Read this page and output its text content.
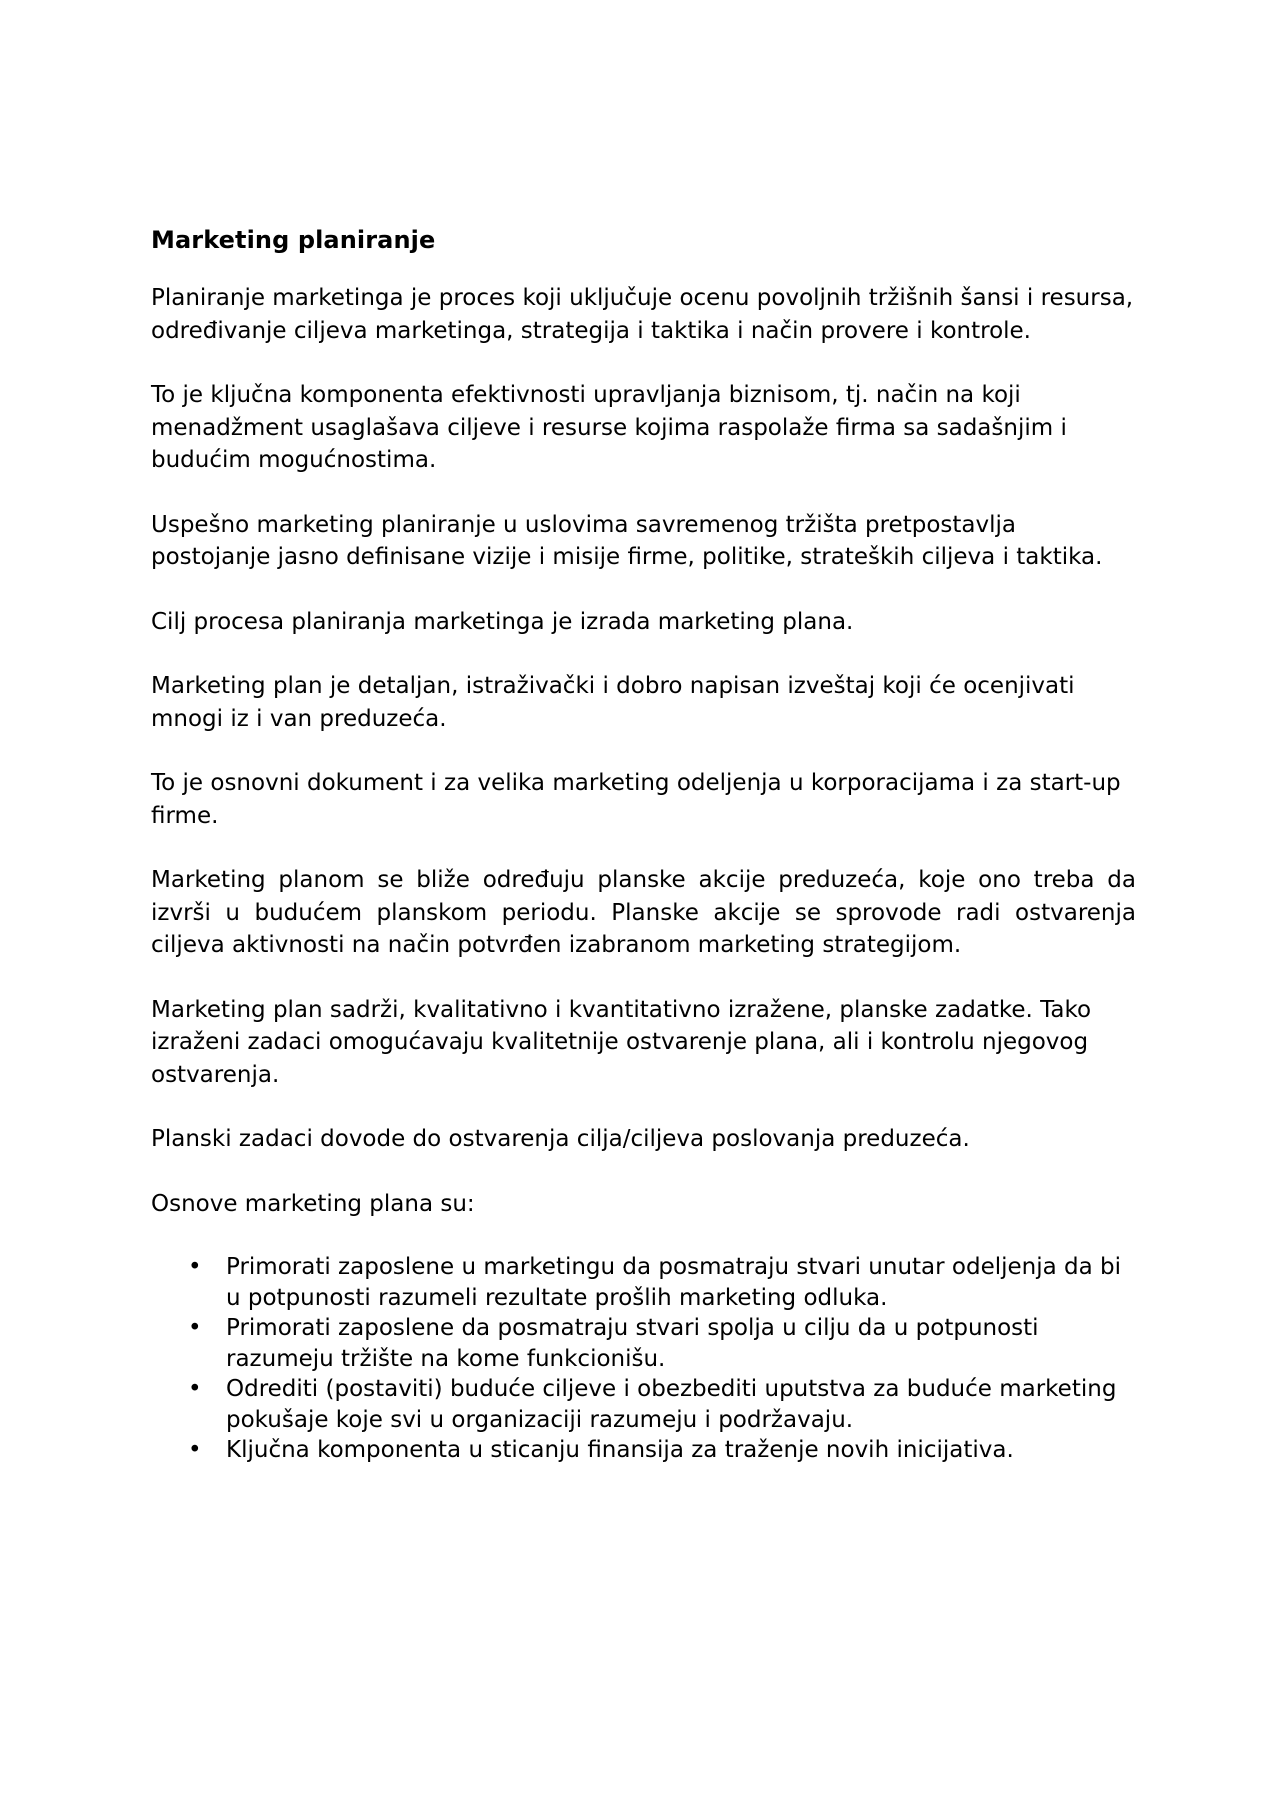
Marketing planiranje

Planiranje marketinga je proces koji uključuje ocenu povoljnih tržišnih šansi i resursa, određivanje ciljeva marketinga, strategija i taktika i način provere i kontrole.

To je ključna komponenta efektivnosti upravljanja biznisom, tj. način na koji menadžment usaglašava ciljeve i resurse kojima raspolaže firma sa sadašnjim i budućim mogućnostima.

Uspešno marketing planiranje u uslovima savremenog tržišta pretpostavlja postojanje jasno definisane vizije i misije firme, politike, strateških ciljeva i taktika.

Cilj procesa planiranja marketinga je izrada marketing plana.

Marketing plan je detaljan, istraživački i dobro napisan izveštaj koji će ocenjivati mnogi iz i van preduzeća.

To je osnovni dokument i za velika marketing odeljenja u korporacijama i za start-up firme.

Marketing planom se bliže određuju planske akcije preduzeća, koje ono treba da izvrši u budućem planskom periodu. Planske akcije se sprovode radi ostvarenja ciljeva aktivnosti na način potvrđen izabranom marketing strategijom.

Marketing plan sadrži, kvalitativno i kvantitativno izražene, planske zadatke. Tako izraženi zadaci omogućavaju kvalitetnije ostvarenje plana, ali i kontrolu njegovog ostvarenja.

Planski zadaci dovode do ostvarenja cilja/ciljeva poslovanja preduzeća.

Osnove marketing plana su:

• Primorati zaposlene u marketingu da posmatraju stvari unutar odeljenja da bi u potpunosti razumeli rezultate prošlih marketing odluka.
• Primorati zaposlene da posmatraju stvari spolja u cilju da u potpunosti razumeju tržište na kome funkcionišu.
• Odrediti (postaviti) buduće ciljeve i obezbediti uputstva za buduće marketing pokušaje koje svi u organizaciji razumeju i podržavaju.
• Ključna komponenta u sticanju finansija za traženje novih inicijativa.
